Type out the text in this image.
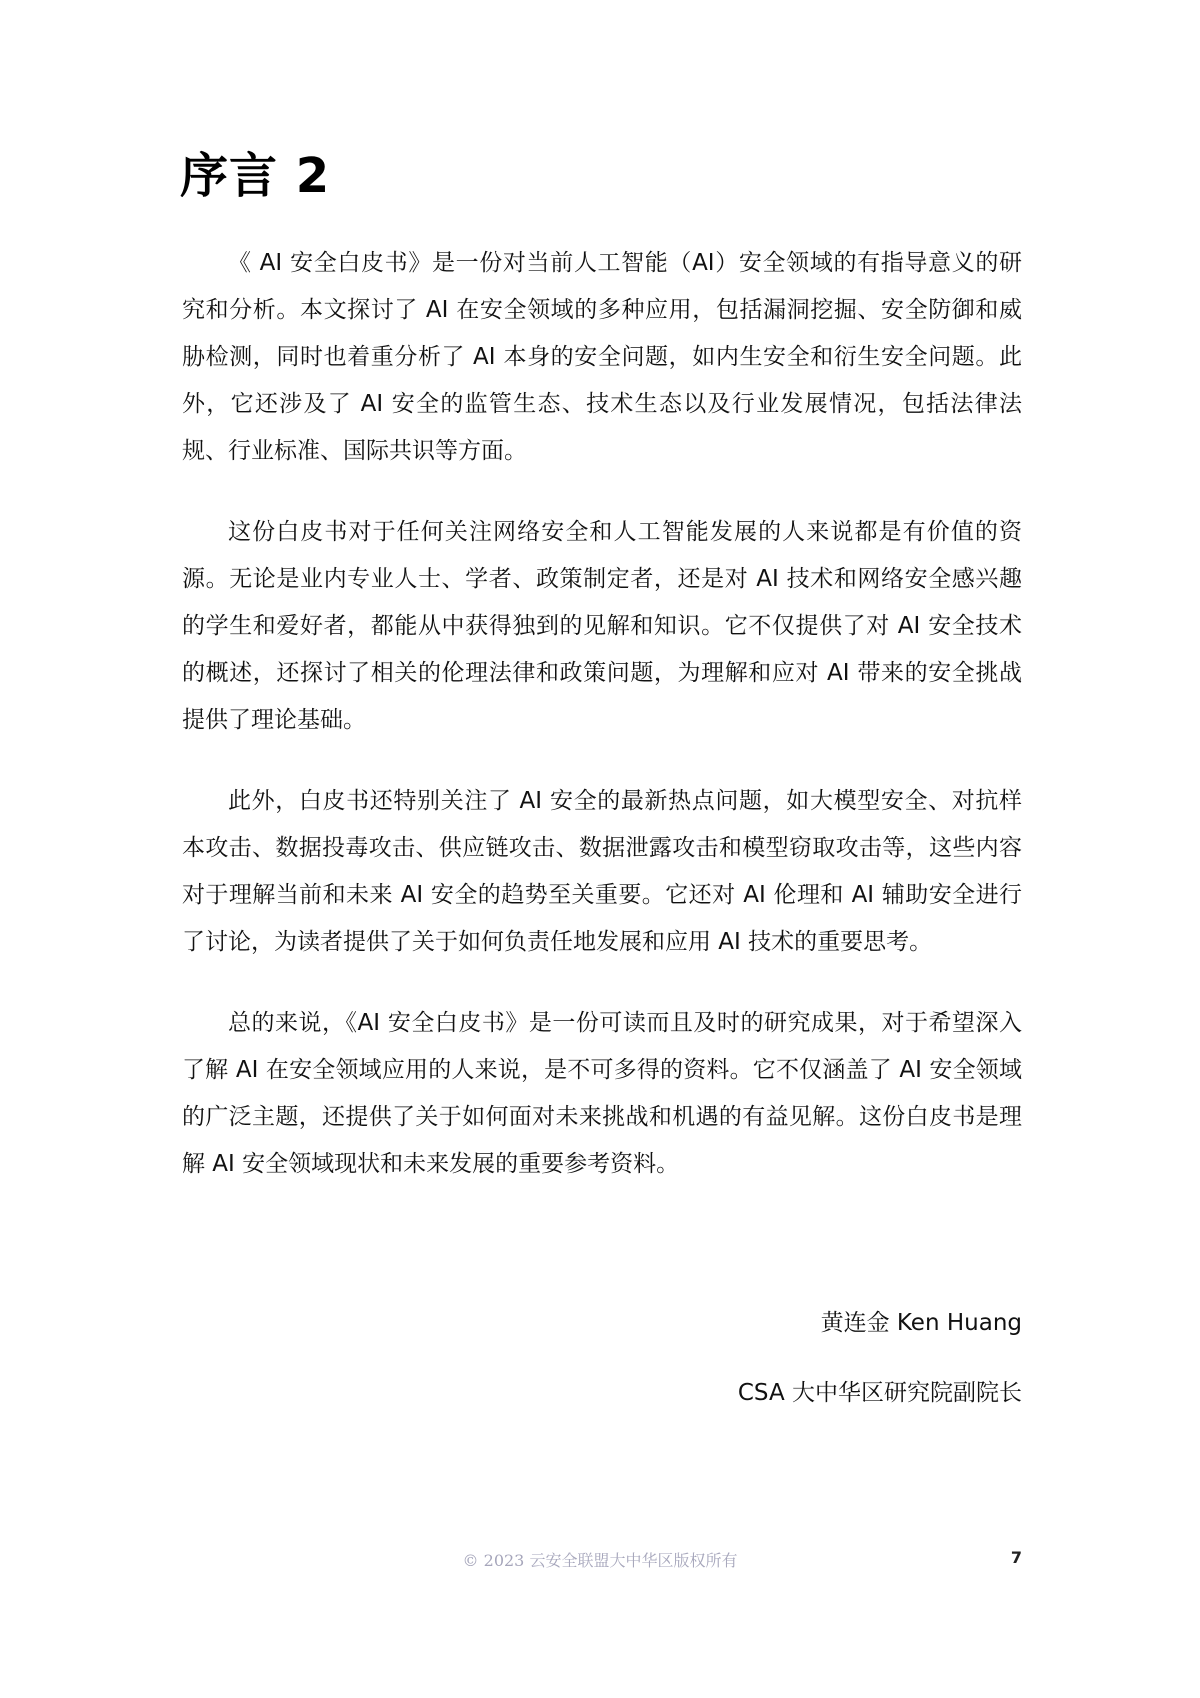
序言 2

《 AI 安全白皮书》是一份对当前人工智能（AI）安全领域的有指导意义的研究和分析。本文探讨了 AI 在安全领域的多种应用，包括漏洞挖掘、安全防御和威胁检测，同时也着重分析了 AI 本身的安全问题，如内生安全和衍生安全问题。此外，它还涉及了 AI 安全的监管生态、技术生态以及行业发展情况，包括法律法规、行业标准、国际共识等方面。

这份白皮书对于任何关注网络安全和人工智能发展的人来说都是有价值的资源。无论是业内专业人士、学者、政策制定者，还是对 AI 技术和网络安全感兴趣的学生和爱好者，都能从中获得独到的见解和知识。它不仅提供了对 AI 安全技术的概述，还探讨了相关的伦理法律和政策问题，为理解和应对 AI 带来的安全挑战提供了理论基础。

此外，白皮书还特别关注了 AI 安全的最新热点问题，如大模型安全、对抗样本攻击、数据投毒攻击、供应链攻击、数据泄露攻击和模型窃取攻击等，这些内容对于理解当前和未来 AI 安全的趋势至关重要。它还对 AI 伦理和 AI 辅助安全进行了讨论，为读者提供了关于如何负责任地发展和应用 AI 技术的重要思考。

总的来说，《AI 安全白皮书》是一份可读而且及时的研究成果，对于希望深入了解 AI 在安全领域应用的人来说，是不可多得的资料。它不仅涵盖了 AI 安全领域的广泛主题，还提供了关于如何面对未来挑战和机遇的有益见解。这份白皮书是理解 AI 安全领域现状和未来发展的重要参考资料。

黄连金 Ken Huang
CSA 大中华区研究院副院长
© 2023 云安全联盟大中华区版权所有	7
